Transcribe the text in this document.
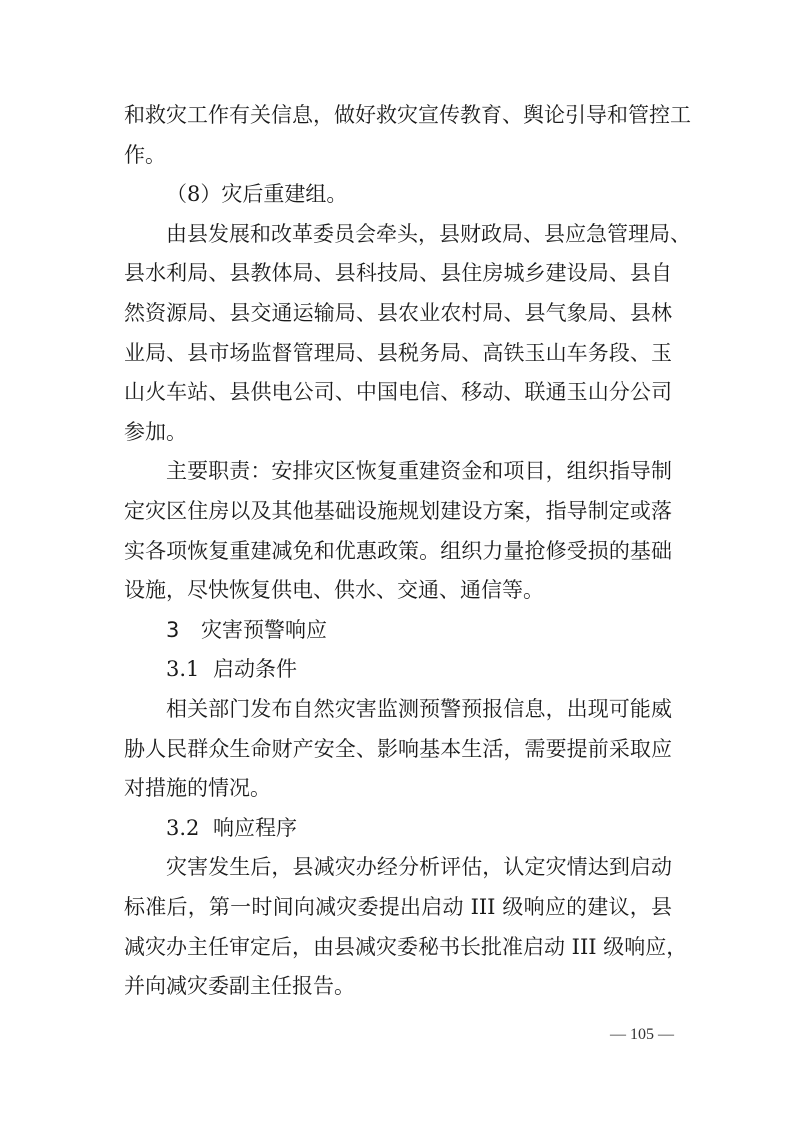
和救灾工作有关信息，做好救灾宣传教育、舆论引导和管控工
作。
（8）灾后重建组。
由县发展和改革委员会牵头，县财政局、县应急管理局、
县水利局、县教体局、县科技局、县住房城乡建设局、县自
然资源局、县交通运输局、县农业农村局、县气象局、县林
业局、县市场监督管理局、县税务局、高铁玉山车务段、玉
山火车站、县供电公司、中国电信、移动、联通玉山分公司
参加。
主要职责：安排灾区恢复重建资金和项目，组织指导制
定灾区住房以及其他基础设施规划建设方案，指导制定或落
实各项恢复重建减免和优惠政策。组织力量抢修受损的基础
设施，尽快恢复供电、供水、交通、通信等。
3 灾害预警响应
3.1 启动条件
相关部门发布自然灾害监测预警预报信息，出现可能威
胁人民群众生命财产安全、影响基本生活，需要提前采取应
对措施的情况。
3.2 响应程序
灾害发生后，县减灾办经分析评估，认定灾情达到启动
标准后，第一时间向减灾委提出启动 III 级响应的建议，县
减灾办主任审定后，由县减灾委秘书长批准启动 III 级响应，
并向减灾委副主任报告。
— 105 —
